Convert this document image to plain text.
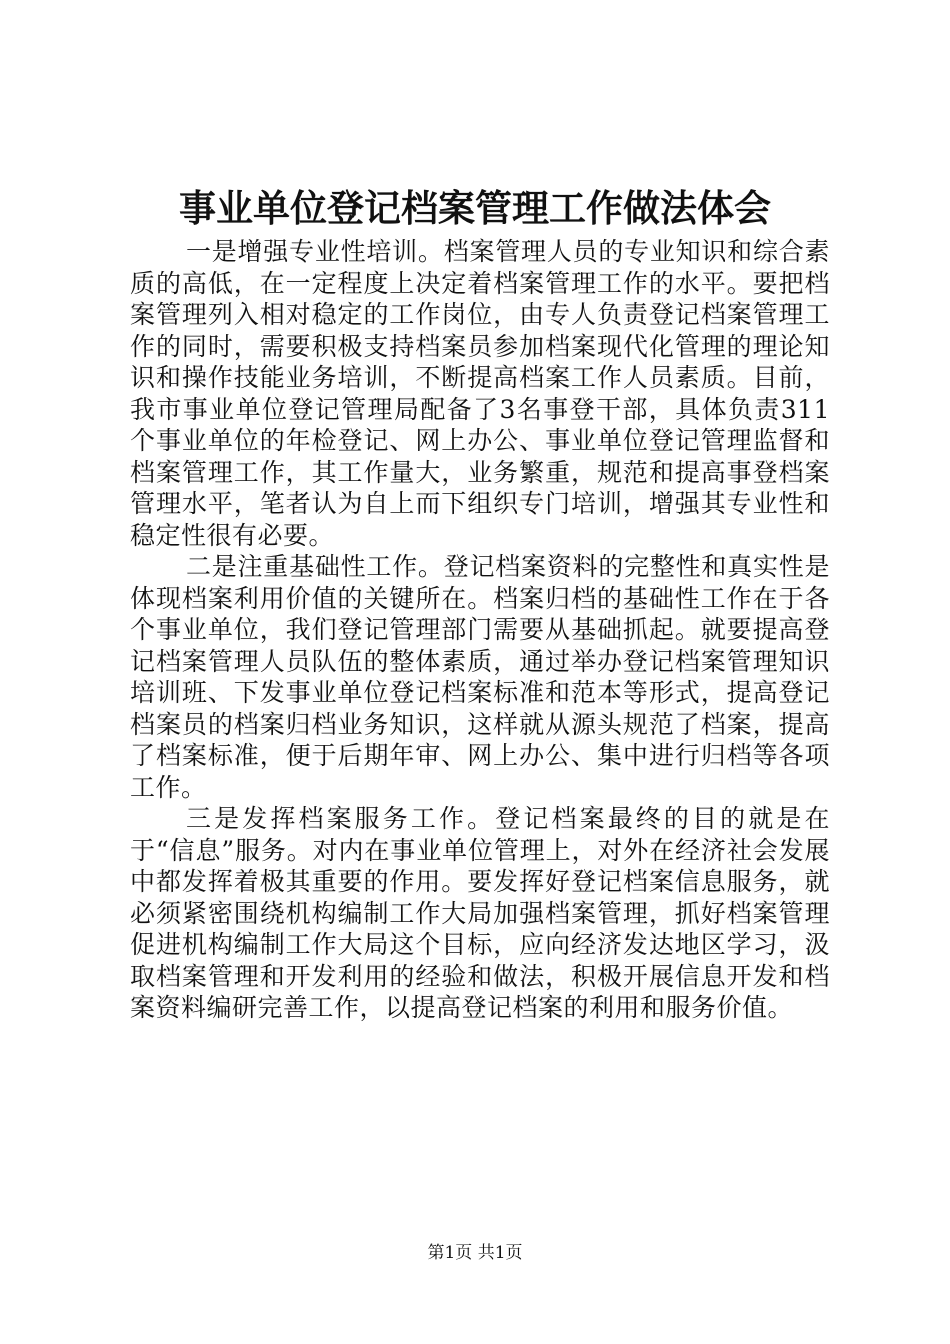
事业单位登记档案管理工作做法体会

一是增强专业性培训。档案管理人员的专业知识和综合素质的高低，在一定程度上决定着档案管理工作的水平。要把档案管理列入相对稳定的工作岗位，由专人负责登记档案管理工作的同时，需要积极支持档案员参加档案现代化管理的理论知识和操作技能业务培训，不断提高档案工作人员素质。目前，我市事业单位登记管理局配备了3名事登干部，具体负责311个事业单位的年检登记、网上办公、事业单位登记管理监督和档案管理工作，其工作量大，业务繁重，规范和提高事登档案管理水平，笔者认为自上而下组织专门培训，增强其专业性和稳定性很有必要。

二是注重基础性工作。登记档案资料的完整性和真实性是体现档案利用价值的关键所在。档案归档的基础性工作在于各个事业单位，我们登记管理部门需要从基础抓起。就要提高登记档案管理人员队伍的整体素质，通过举办登记档案管理知识培训班、下发事业单位登记档案标准和范本等形式，提高登记档案员的档案归档业务知识，这样就从源头规范了档案，提高了档案标准，便于后期年审、网上办公、集中进行归档等各项工作。

三是发挥档案服务工作。登记档案最终的目的就是在于“信息”服务。对内在事业单位管理上，对外在经济社会发展中都发挥着极其重要的作用。要发挥好登记档案信息服务，就必须紧密围绕机构编制工作大局加强档案管理，抓好档案管理促进机构编制工作大局这个目标，应向经济发达地区学习，汲取档案管理和开发利用的经验和做法，积极开展信息开发和档案资料编研完善工作，以提高登记档案的利用和服务价值。

第1页 共1页
